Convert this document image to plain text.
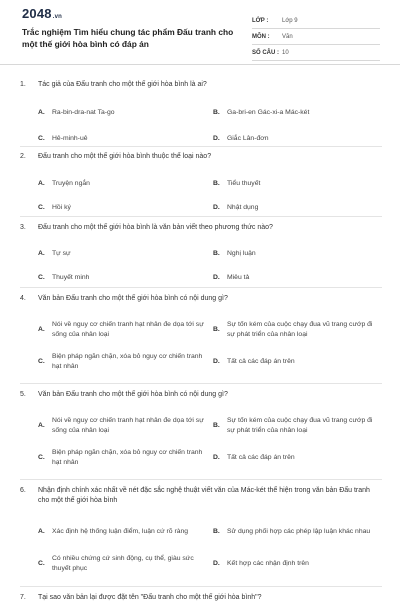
2048.vn
Trắc nghiệm Tìm hiểu chung tác phẩm Đấu tranh cho một thế giới hòa bình có đáp án
LỚP :	Lớp 9
MÔN :	Văn
SỐ CÂU : 10
1.	Tác giả của Đấu tranh cho một thế giới hòa bình là ai?
A.	Ra-bin-dra-nat Ta-go	B.	Ga-bri-en Gác-xi-a Mác-két
C.	Hê-minh-uê	D.	Giắc Lân-đơn
2.	Đấu tranh cho một thế giới hòa bình thuộc thể loại nào?
A.	Truyện ngắn	B.	Tiểu thuyết
C.	Hồi ký	D.	Nhật dụng
3.	Đấu tranh cho một thế giới hòa bình là văn bản viết theo phương thức nào?
A.	Tự sự	B.	Nghị luận
C.	Thuyết minh	D.	Miêu tả
4.	Văn bản Đấu tranh cho một thế giới hòa bình có nội dung gì?
A.
Nói về nguy cơ chiến tranh hạt nhân đe dọa tới sự sống của nhân loại
B.
Sự tốn kém của cuộc chạy đua vũ trang cướp đi sự phát triển của nhân loại
C.
Biện pháp ngăn chặn, xóa bỏ nguy cơ chiến tranh hạt nhân
D.	Tất cả các đáp án trên
5.	Văn bản Đấu tranh cho một thế giới hòa bình có nội dung gì?
A.
Nói về nguy cơ chiến tranh hạt nhân đe dọa tới sự sống của nhân loại
B.
Sự tốn kém của cuộc chạy đua vũ trang cướp đi sự phát triển của nhân loại
C.
Biện pháp ngăn chặn, xóa bỏ nguy cơ chiến tranh hạt nhân
D.	Tất cả các đáp án trên
6.	Nhận định chính xác nhất về nét đặc sắc nghệ thuật viết văn của Mác-két thể hiện trong văn bản Đấu tranh cho một thế giới hòa bình
A.	Xác định hệ thống luận điểm, luận cứ rõ ràng	B.	Sử dụng phối hợp các phép lập luận khác nhau
C.
Có nhiều chứng cứ sinh động, cụ thể, giàu sức thuyết phục
D.	Kết hợp các nhận định trên
7.	Tại sao văn bản lại được đặt tên "Đấu tranh cho một thế giới hòa bình"?
